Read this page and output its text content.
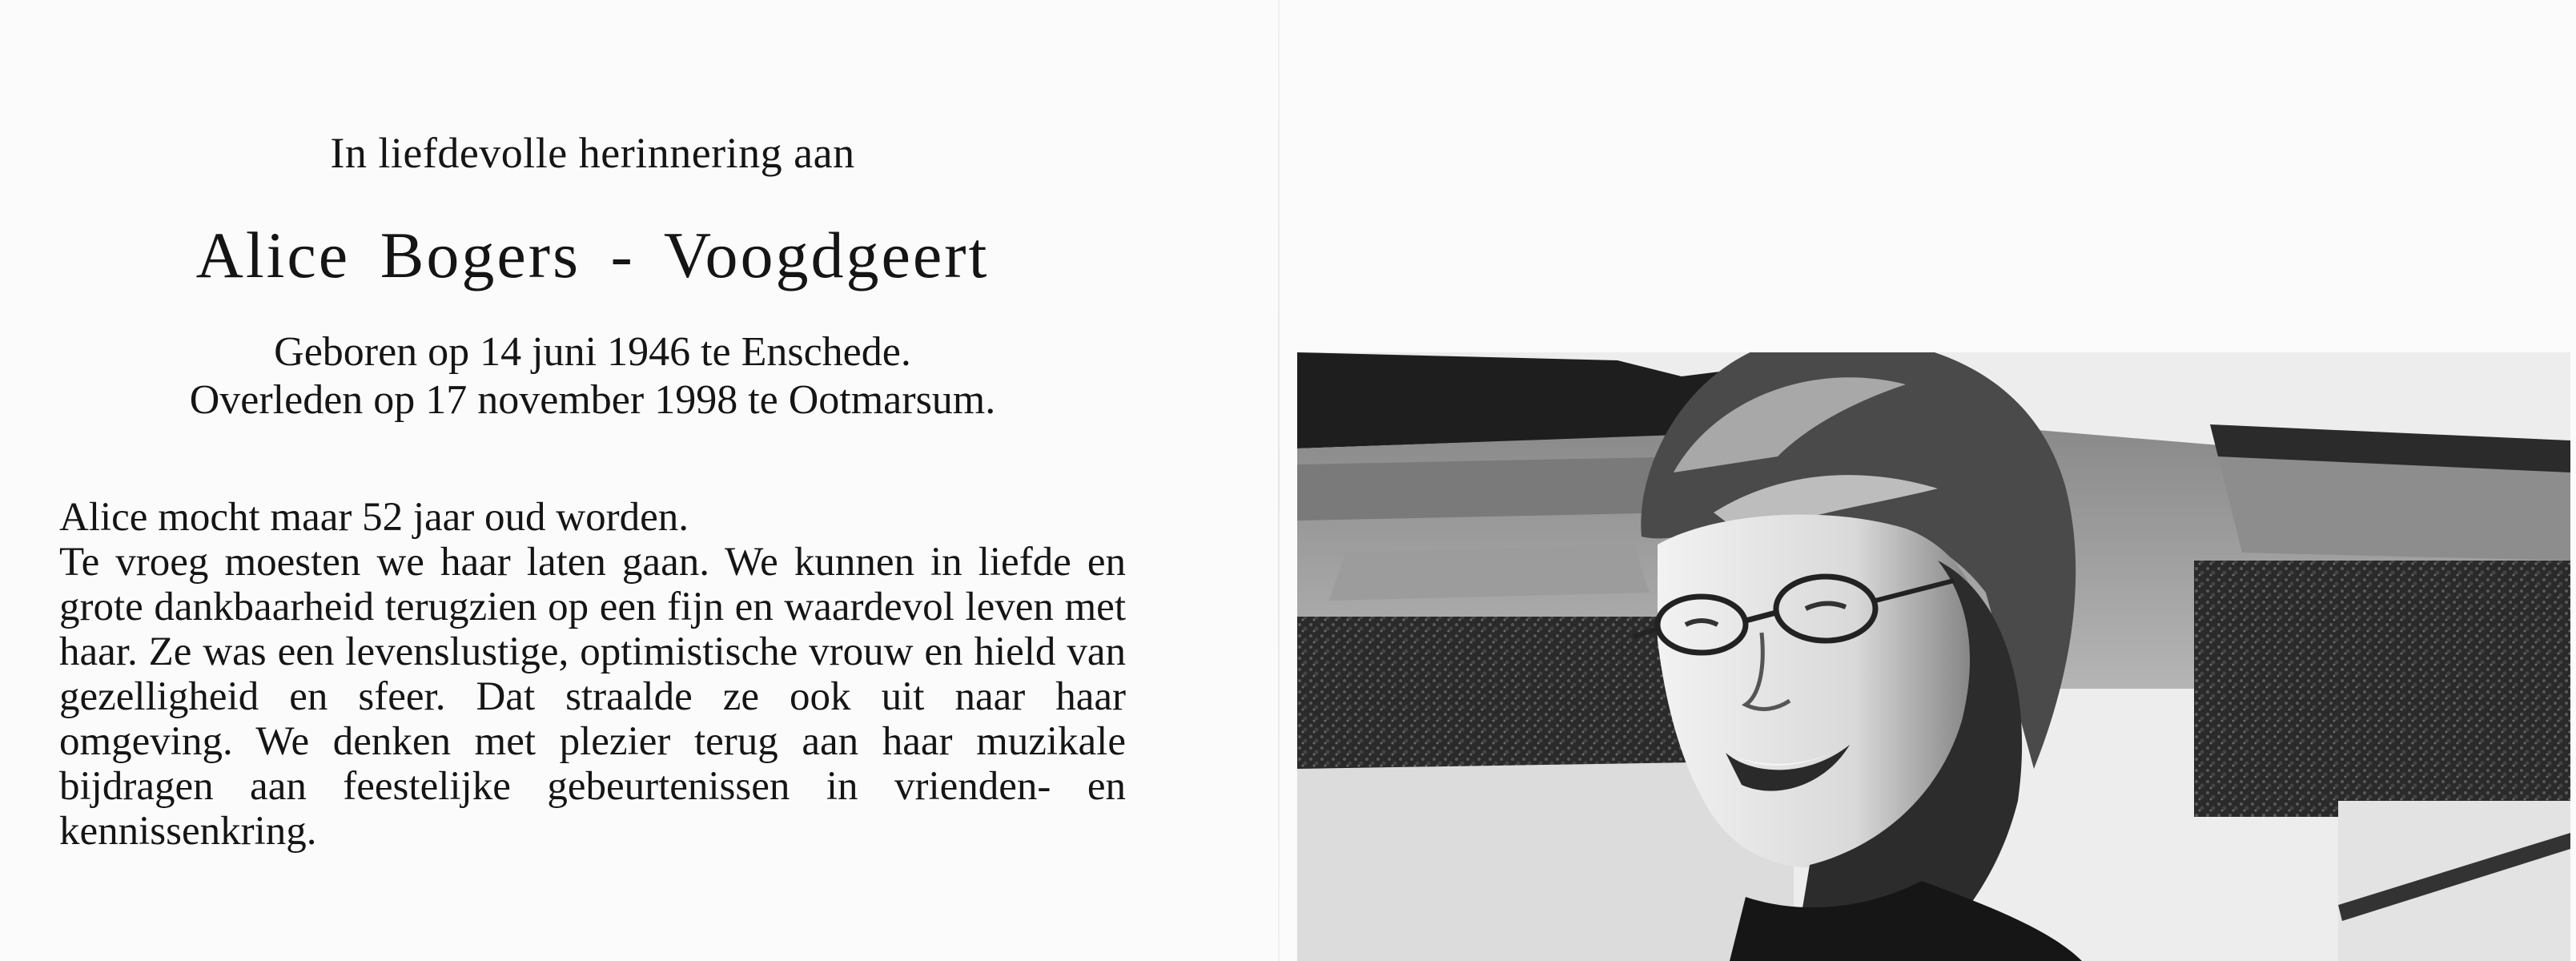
In liefdevolle herinnering aan
Alice Bogers - Voogdgeert
Geboren op 14 juni 1946 te Enschede.
Overleden op 17 november 1998 te Ootmarsum.
Alice mocht maar 52 jaar oud worden.
Te vroeg moesten we haar laten gaan. We kunnen in liefde en grote dankbaarheid terugzien op een fijn en waardevol leven met haar. Ze was een levenslustige, optimistische vrouw en hield van gezelligheid en sfeer. Dat straalde ze ook uit naar haar omgeving. We denken met plezier terug aan haar muzikale bijdragen aan feestelijke gebeurtenissen in vrienden- en kennissenkring.
